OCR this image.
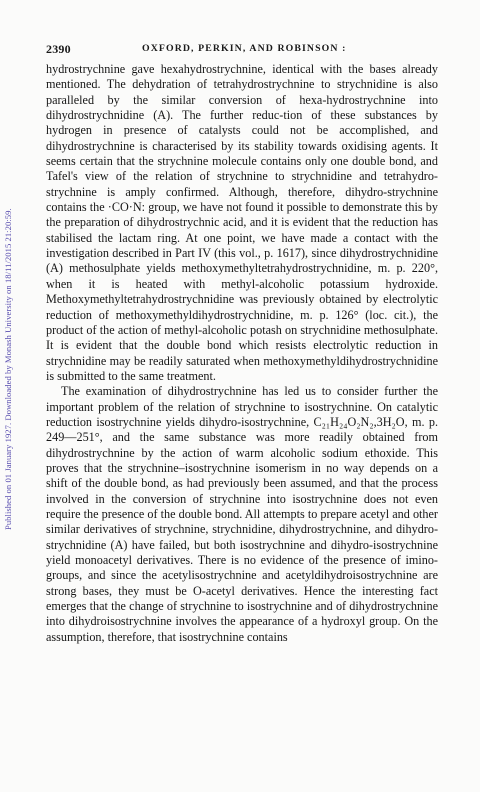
Published on 01 January 1927. Downloaded by Monash University on 18/11/2015 21:20:59.
2390	OXFORD, PERKIN, AND ROBINSON :

hydrostrychnine gave hexahydrostrychnine, identical with the bases already mentioned. The dehydration of tetrahydrostrychnine to strychnidine is also paralleled by the similar conversion of hexa-hydrostrychnine into dihydrostrychnidine (A). The further reduc-tion of these substances by hydrogen in presence of catalysts could not be accomplished, and dihydrostrychnine is characterised by its stability towards oxidising agents. It seems certain that the strychnine molecule contains only one double bond, and Tafel's view of the relation of strychnine to strychnidine and tetrahydro-strychnine is amply confirmed. Although, therefore, dihydro-strychnine contains the ·CO·N: group, we have not found it possible to demonstrate this by the preparation of dihydrostrychnic acid, and it is evident that the reduction has stabilised the lactam ring. At one point, we have made a contact with the investigation described in Part IV (this vol., p. 1617), since dihydrostrychnidine (A) methosulphate yields methoxymethyltetrahydrostrychnidine, m. p. 220°, when it is heated with methyl-alcoholic potassium hydroxide. Methoxymethyltetrahydrostrychnidine was previously obtained by electrolytic reduction of methoxymethyldihydrostrychnidine, m. p. 126° (loc. cit.), the product of the action of methyl-alcoholic potash on strychnidine methosulphate. It is evident that the double bond which resists electrolytic reduction in strychnidine may be readily saturated when methoxymethyldihydrostrychnidine is submitted to the same treatment.

The examination of dihydrostrychnine has led us to consider further the important problem of the relation of strychnine to isostrychnine. On catalytic reduction isostrychnine yields dihydro-isostrychnine, C₂₁H₂₄O₂N₂,3H₂O, m. p. 249—251°, and the same substance was more readily obtained from dihydrostrychnine by the action of warm alcoholic sodium ethoxide. This proves that the strychnine–isostrychnine isomerism in no way depends on a shift of the double bond, as had previously been assumed, and that the process involved in the conversion of strychnine into isostrychnine does not even require the presence of the double bond. All attempts to prepare acetyl and other similar derivatives of strychnine, strychnidine, dihydrostrychnine, and dihydro-strychnidine (A) have failed, but both isostrychnine and dihydro-isostrychnine yield monoacetyl derivatives. There is no evidence of the presence of imino-groups, and since the acetylisostrychnine and acetyldihydroisostrychnine are strong bases, they must be O-acetyl derivatives. Hence the interesting fact emerges that the change of strychnine to isostrychnine and of dihydrostrychnine into dihydroisostrychnine involves the appearance of a hydroxyl group. On the assumption, therefore, that isostrychnine contains
